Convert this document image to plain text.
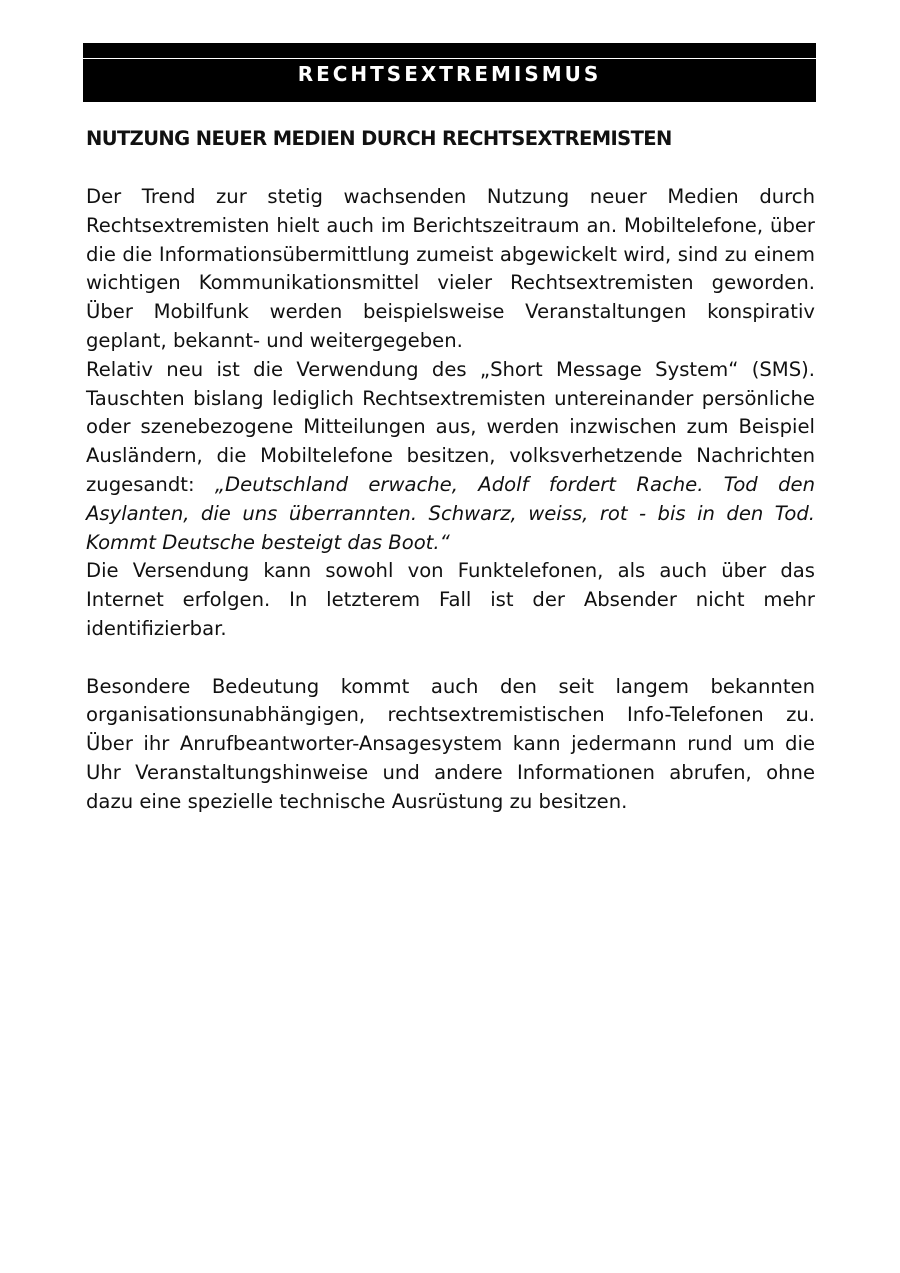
RECHTSEXTREMISMUS
NUTZUNG NEUER MEDIEN DURCH RECHTSEXTREMISTEN

Der Trend zur stetig wachsenden Nutzung neuer Medien durch Rechtsextremisten hielt auch im Berichtszeitraum an. Mobiltelefone, über die die Informationsübermittlung zumeist abgewickelt wird, sind zu einem wichtigen Kommunikationsmittel vieler Rechtsextremisten geworden. Über Mobilfunk werden beispielsweise Veranstaltungen konspirativ geplant, bekannt- und weitergegeben.

Relativ neu ist die Verwendung des „Short Message System“ (SMS). Tauschten bislang lediglich Rechtsextremisten untereinander persönliche oder szenebezogene Mitteilungen aus, werden inzwischen zum Beispiel Ausländern, die Mobiltelefone besitzen, volksverhetzende Nachrichten zugesandt: „Deutschland erwache, Adolf fordert Rache. Tod den Asylanten, die uns überrannten. Schwarz, weiss, rot - bis in den Tod. Kommt Deutsche besteigt das Boot.“

Die Versendung kann sowohl von Funktelefonen, als auch über das Internet erfolgen. In letzterem Fall ist der Absender nicht mehr identifizierbar.

Besondere Bedeutung kommt auch den seit langem bekannten organisationsunabhängigen, rechtsextremistischen Info-Telefonen zu. Über ihr Anrufbeantworter-Ansagesystem kann jedermann rund um die Uhr Veranstaltungshinweise und andere Informationen abrufen, ohne dazu eine spezielle technische Ausrüstung zu besitzen.
